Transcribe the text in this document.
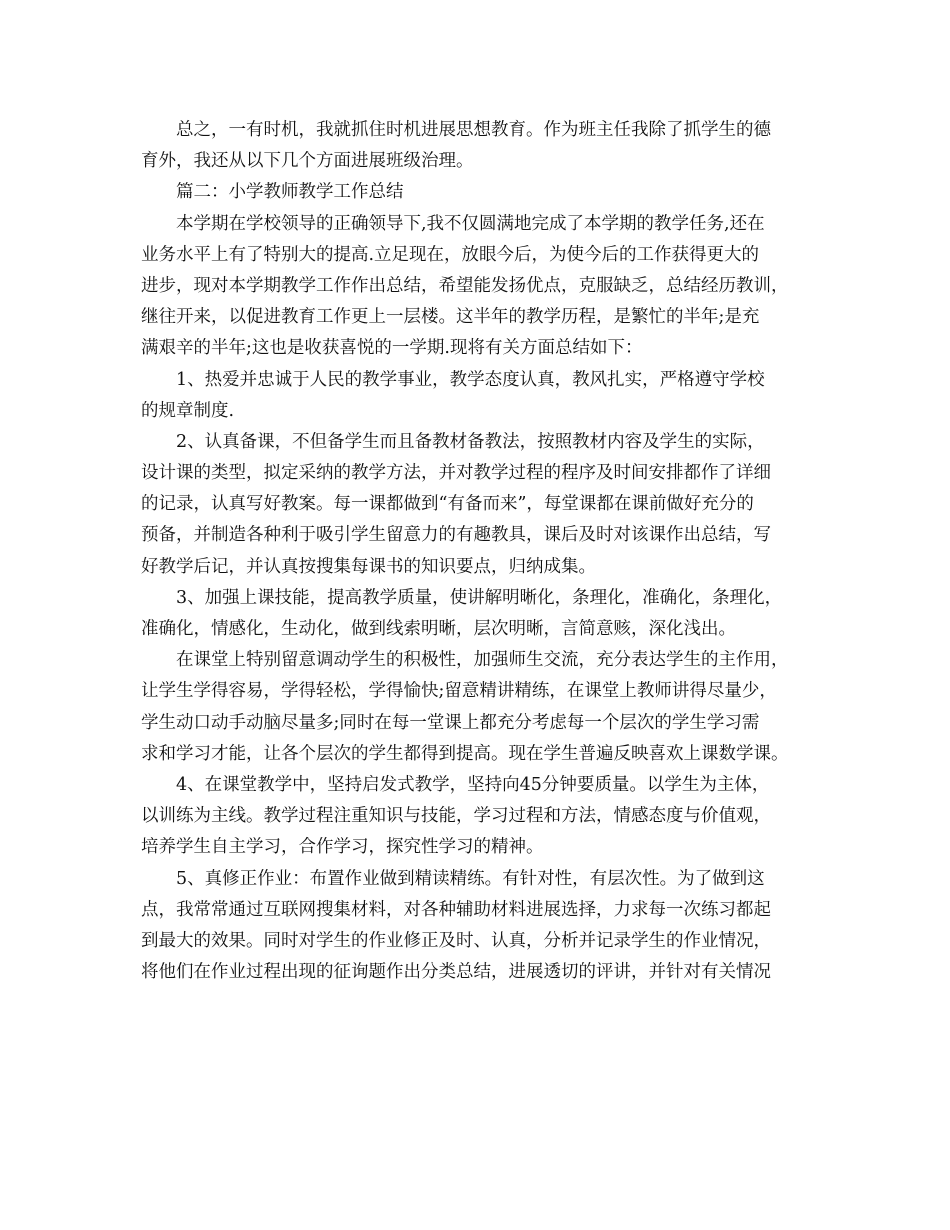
总之，一有时机，我就抓住时机进展思想教育。作为班主任我除了抓学生的德
育外，我还从以下几个方面进展班级治理。
篇二：小学教师教学工作总结
本学期在学校领导的正确领导下,我不仅圆满地完成了本学期的教学任务,还在
业务水平上有了特别大的提高.立足现在，放眼今后，为使今后的工作获得更大的
进步，现对本学期教学工作作出总结，希望能发扬优点，克服缺乏，总结经历教训，
继往开来，以促进教育工作更上一层楼。这半年的教学历程，是繁忙的半年;是充
满艰辛的半年;这也是收获喜悦的一学期.现将有关方面总结如下：
1、热爱并忠诚于人民的教学事业，教学态度认真，教风扎实，严格遵守学校
的规章制度.
2、认真备课，不但备学生而且备教材备教法，按照教材内容及学生的实际，
设计课的类型，拟定采纳的教学方法，并对教学过程的程序及时间安排都作了详细
的记录，认真写好教案。每一课都做到“有备而来”，每堂课都在课前做好充分的
预备，并制造各种利于吸引学生留意力的有趣教具，课后及时对该课作出总结，写
好教学后记，并认真按搜集每课书的知识要点，归纳成集。
3、加强上课技能，提高教学质量，使讲解明晰化，条理化，准确化，条理化，
准确化，情感化，生动化，做到线索明晰，层次明晰，言简意赅，深化浅出。
在课堂上特别留意调动学生的积极性，加强师生交流，充分表达学生的主作用，
让学生学得容易，学得轻松，学得愉快;留意精讲精练，在课堂上教师讲得尽量少，
学生动口动手动脑尽量多;同时在每一堂课上都充分考虑每一个层次的学生学习需
求和学习才能，让各个层次的学生都得到提高。现在学生普遍反映喜欢上课数学课。
4、在课堂教学中，坚持启发式教学，坚持向45分钟要质量。以学生为主体，
以训练为主线。教学过程注重知识与技能，学习过程和方法，情感态度与价值观，
培养学生自主学习，合作学习，探究性学习的精神。
5、真修正作业：布置作业做到精读精练。有针对性，有层次性。为了做到这
点，我常常通过互联网搜集材料，对各种辅助材料进展选择，力求每一次练习都起
到最大的效果。同时对学生的作业修正及时、认真，分析并记录学生的作业情况，
将他们在作业过程出现的征询题作出分类总结，进展透切的评讲，并针对有关情况
